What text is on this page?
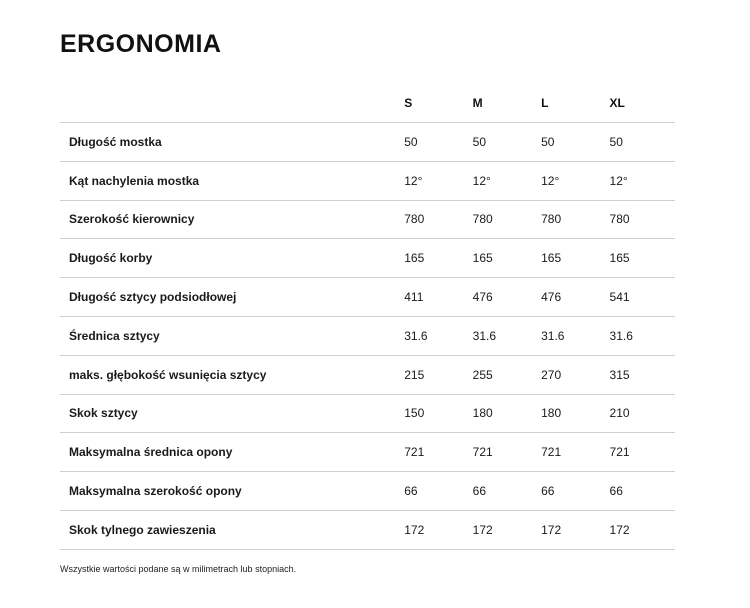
ERGONOMIA
	S	M	L	XL
Długość mostka	50	50	50	50
Kąt nachylenia mostka	12°	12°	12°	12°
Szerokość kierownicy	780	780	780	780
Długość korby	165	165	165	165
Długość sztycy podsiodłowej	411	476	476	541
Średnica sztycy	31.6	31.6	31.6	31.6
maks. głębokość wsunięcia sztycy	215	255	270	315
Skok sztycy	150	180	180	210
Maksymalna średnica opony	721	721	721	721
Maksymalna szerokość opony	66	66	66	66
Skok tylnego zawieszenia	172	172	172	172

Wszystkie wartości podane są w milimetrach lub stopniach.
